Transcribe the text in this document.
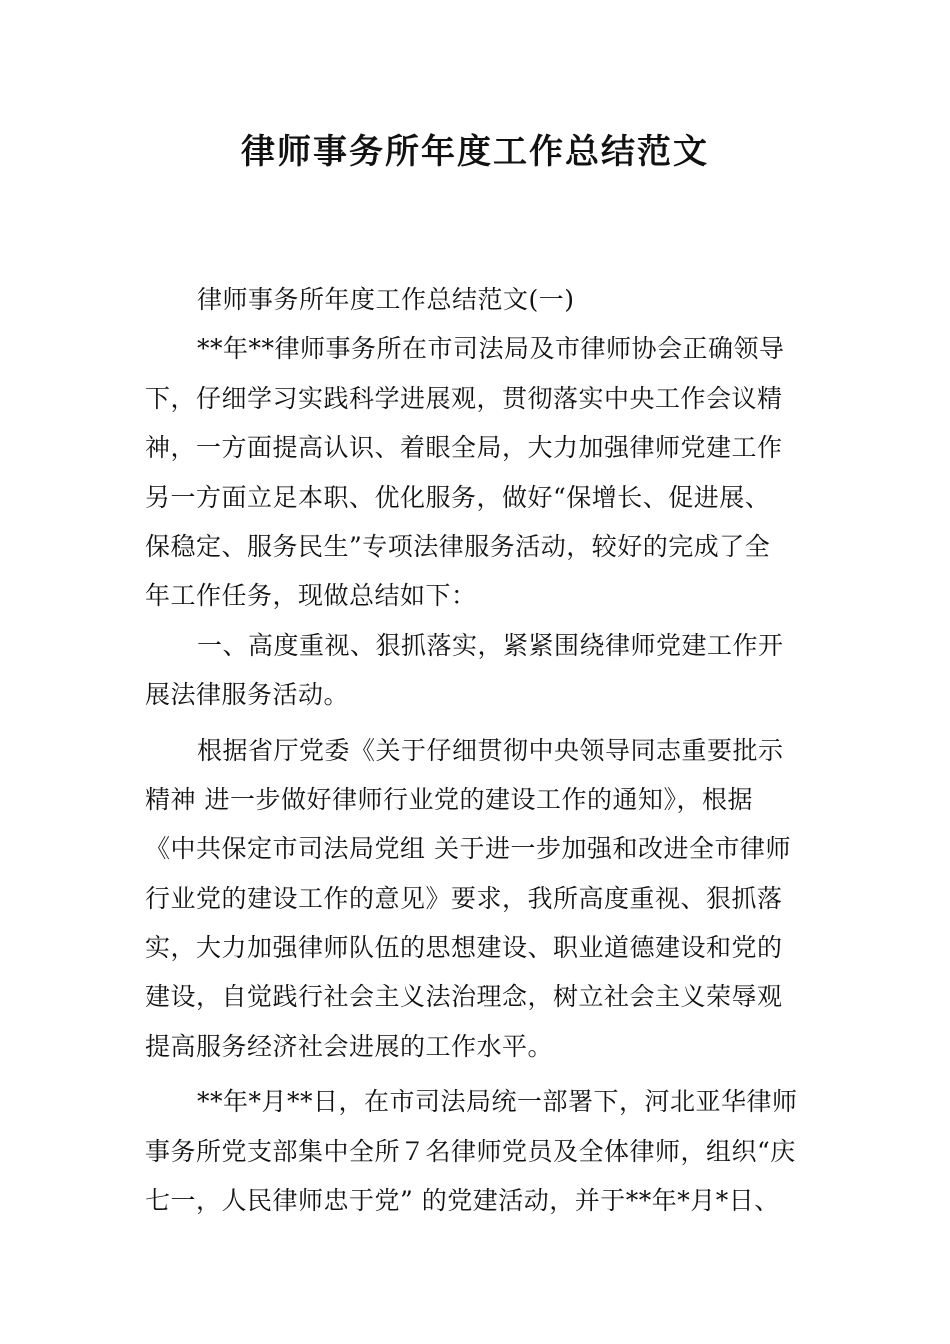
律师事务所年度工作总结范文
律师事务所年度工作总结范文(一)
**年**律师事务所在市司法局及市律师协会正确领导
下，仔细学习实践科学进展观，贯彻落实中央工作会议精
神，一方面提高认识、着眼全局，大力加强律师党建工作
另一方面立足本职、优化服务，做好“保增长、促进展、
保稳定、服务民生”专项法律服务活动，较好的完成了全
年工作任务，现做总结如下：
一、高度重视、狠抓落实，紧紧围绕律师党建工作开
展法律服务活动。
根据省厅党委《关于仔细贯彻中央领导同志重要批示
精神 进一步做好律师行业党的建设工作的通知》，根据
《中共保定市司法局党组 关于进一步加强和改进全市律师
行业党的建设工作的意见》要求，我所高度重视、狠抓落
实，大力加强律师队伍的思想建设、职业道德建设和党的
建设，自觉践行社会主义法治理念，树立社会主义荣辱观
提高服务经济社会进展的工作水平。
**年*月**日，在市司法局统一部署下，河北亚华律师
事务所党支部集中全所７名律师党员及全体律师，组织“庆
七一，人民律师忠于党” 的党建活动，并于**年*月*日、
